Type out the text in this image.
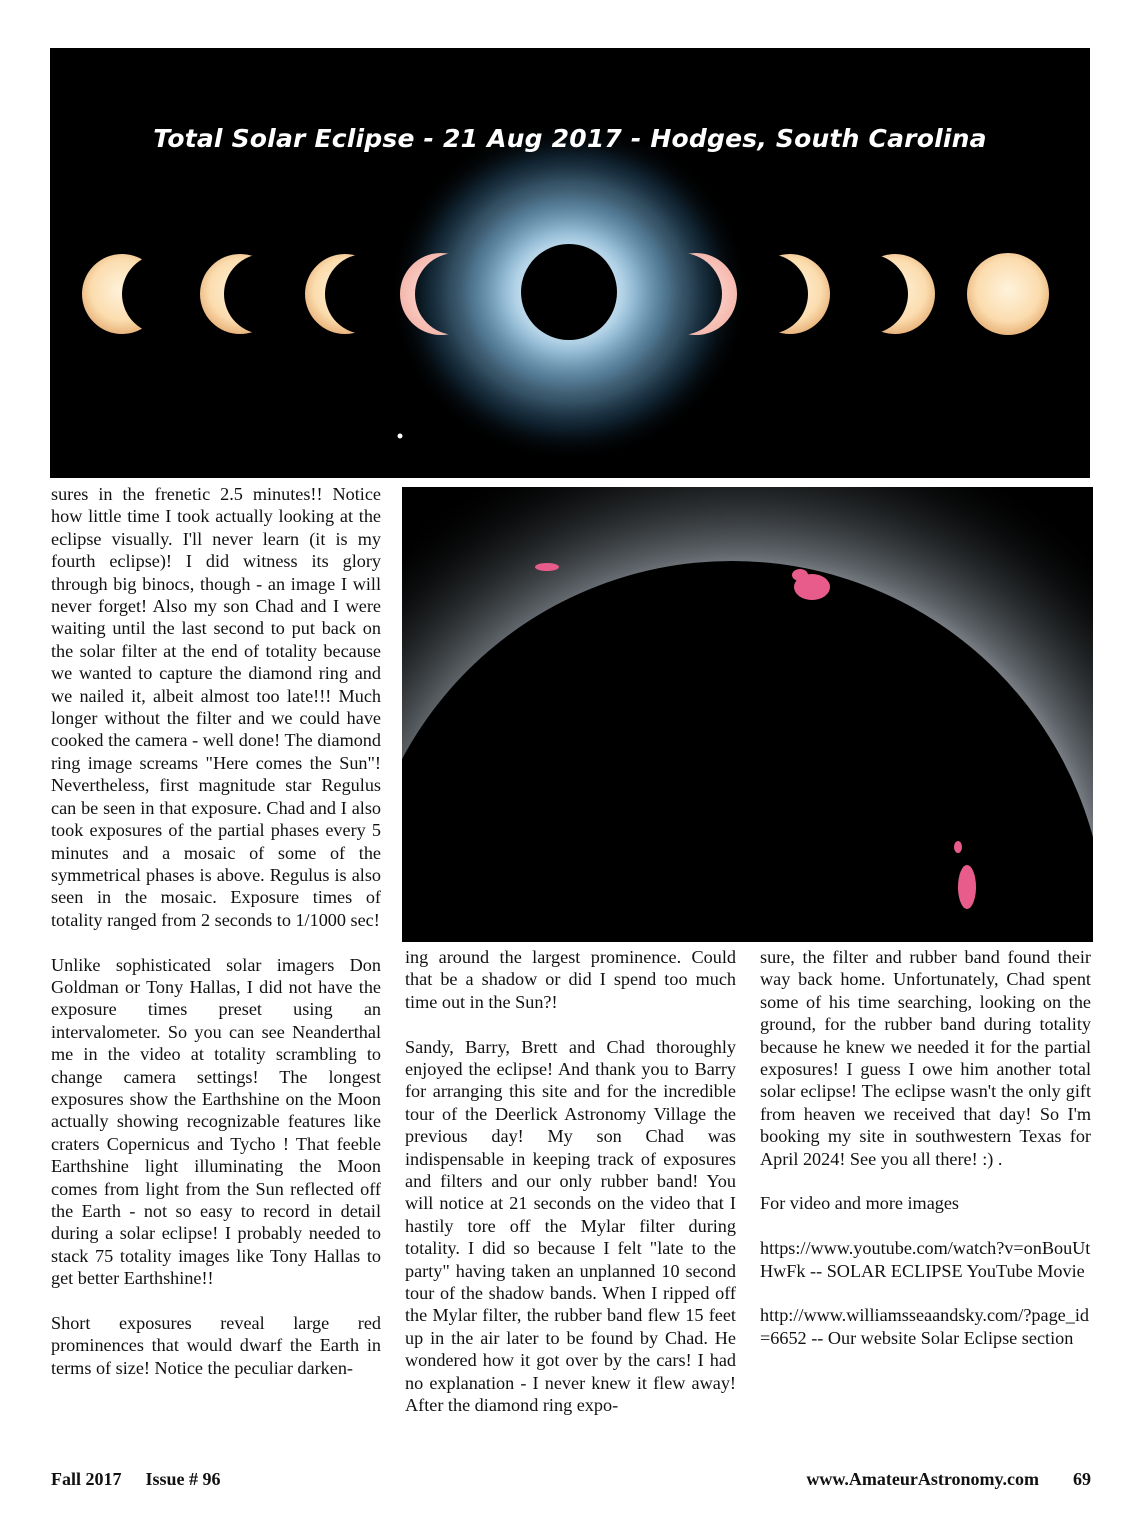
Total Solar Eclipse - 21 Aug 2017 - Hodges, South Carolina

sures in the frenetic 2.5 minutes!! Notice how little time I took actually looking at the eclipse visually. I'll never learn (it is my fourth eclipse)! I did witness its glory through big binocs, though - an image I will never forget! Also my son Chad and I were waiting until the last second to put back on the solar filter at the end of totality because we wanted to capture the diamond ring and we nailed it, albeit almost too late!!! Much longer without the filter and we could have cooked the camera - well done! The diamond ring image screams "Here comes the Sun"! Nevertheless, first magnitude star Regulus can be seen in that exposure. Chad and I also took exposures of the partial phases every 5 minutes and a mosaic of some of the symmetrical phases is above. Regulus is also seen in the mosaic. Exposure times of totality ranged from 2 seconds to 1/1000 sec!

Unlike sophisticated solar imagers Don Goldman or Tony Hallas, I did not have the exposure times preset using an intervalometer. So you can see Neanderthal me in the video at totality scrambling to change camera settings! The longest exposures show the Earthshine on the Moon actually showing recognizable features like craters Copernicus and Tycho ! That feeble Earthshine light illuminating the Moon comes from light from the Sun reflected off the Earth - not so easy to record in detail during a solar eclipse! I probably needed to stack 75 totality images like Tony Hallas to get better Earthshine!!

Short exposures reveal large red prominences that would dwarf the Earth in terms of size! Notice the peculiar darken-

ing around the largest prominence. Could that be a shadow or did I spend too much time out in the Sun?!

Sandy, Barry, Brett and Chad thoroughly enjoyed the eclipse! And thank you to Barry for arranging this site and for the incredible tour of the Deerlick Astronomy Village the previous day! My son Chad was indispensable in keeping track of exposures and filters and our only rubber band! You will notice at 21 seconds on the video that I hastily tore off the Mylar filter during totality. I did so because I felt "late to the party" having taken an unplanned 10 second tour of the shadow bands. When I ripped off the Mylar filter, the rubber band flew 15 feet up in the air later to be found by Chad. He wondered how it got over by the cars! I had no explanation - I never knew it flew away! After the diamond ring expo-

sure, the filter and rubber band found their way back home. Unfortunately, Chad spent some of his time searching, looking on the ground, for the rubber band during totality because he knew we needed it for the partial exposures! I guess I owe him another total solar eclipse! The eclipse wasn't the only gift from heaven we received that day! So I'm booking my site in southwestern Texas for April 2024! See you all there! :) .

For video and more images

https://www.youtube.com/watch?v=onBouUtHwFk -- SOLAR ECLIPSE YouTube Movie

http://www.williamsseaandsky.com/?page_id=6652 -- Our website Solar Eclipse section

Fall 2017 Issue # 96	www.AmateurAstronomy.com 69
